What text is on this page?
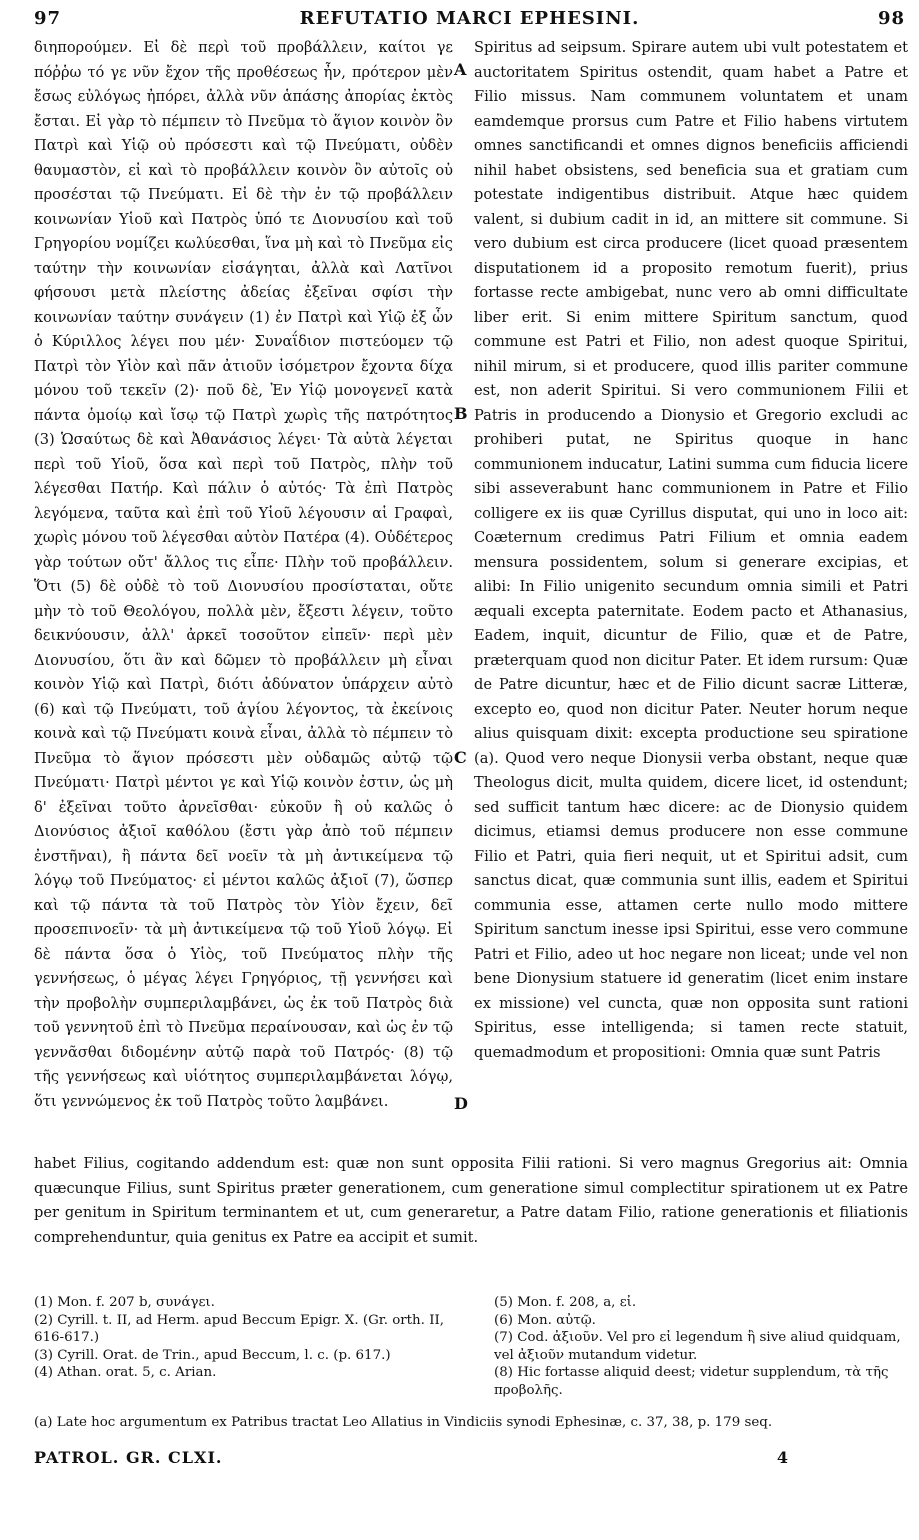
97	REFUTATIO MARCI EPHESINI.	98

διηπορούμεν. Εἰ δὲ περὶ τοῦ προβάλλειν, καίτοι γε πόῤῥω τό γε νῦν ἔχον τῆς προθέσεως ἦν, πρότερον μὲν ἔσως εὐλόγως ἠπόρει, ἀλλὰ νῦν ἁπάσης ἀπορίας ἐκτὸς ἔσται. Εἰ γὰρ τὸ πέμπειν τὸ Πνεῦμα τὸ ἅγιον κοινὸν ὂν Πατρὶ καὶ Υἱῷ οὐ πρόσεστι καὶ τῷ Πνεύματι, οὐδὲν θαυμαστὸν, εἰ καὶ τὸ προβάλλειν κοινὸν ὂν αὐτοῖς οὐ προσέσται τῷ Πνεύματι. Εἰ δὲ τὴν ἐν τῷ προβάλλειν κοινωνίαν Υἱοῦ καὶ Πατρὸς ὑπό τε Διονυσίου καὶ τοῦ Γρηγορίου νομίζει κωλύεσθαι, ἵνα μὴ καὶ τὸ Πνεῦμα εἰς ταύτην τὴν κοινωνίαν εἰσάγηται, ἀλλὰ καὶ Λατῖνοι φήσουσι μετὰ πλείστης ἀδείας ἐξεῖναι σφίσι τὴν κοινωνίαν ταύτην συνάγειν (1) ἐν Πατρὶ καὶ Υἱῷ ἐξ ὧν ὁ Κύριλλος λέγει που μέν· Συναΐδιον πιστεύομεν τῷ Πατρὶ τὸν Υἱὸν καὶ πᾶν ἀτιοῦν ἰσόμετρον ἔχοντα δίχα μόνου τοῦ τεκεῖν (2)· ποῦ δὲ, Ἐν Υἱῷ μονογενεῖ κατὰ πάντα ὁμοίῳ καὶ ἴσῳ τῷ Πατρὶ χωρὶς τῆς πατρότητος (3) Ὡσαύτως δὲ καὶ Ἀθανάσιος λέγει· Τὰ αὐτὰ λέγεται περὶ τοῦ Υἱοῦ, ὅσα καὶ περὶ τοῦ Πατρὸς, πλὴν τοῦ λέγεσθαι Πατήρ. Καὶ πάλιν ὁ αὐτός· Τὰ ἐπὶ Πατρὸς λεγόμενα, ταῦτα καὶ ἐπὶ τοῦ Υἱοῦ λέγουσιν αἱ Γραφαὶ, χωρὶς μόνου τοῦ λέγεσθαι αὐτὸν Πατέρα (4). Οὐδέτερος γὰρ τούτων οὔτ' ἄλλος τις εἶπε· Πλὴν τοῦ προβάλλειν. Ὅτι (5) δὲ οὐδὲ τὸ τοῦ Διονυσίου προσίσταται, οὔτε μὴν τὸ τοῦ Θεολόγου, πολλὰ μὲν, ἔξεστι λέγειν, τοῦτο δεικνύουσιν, ἀλλ' ἀρκεῖ τοσοῦτον εἰπεῖν· περὶ μὲν Διονυσίου, ὅτι ἂν καὶ δῶμεν τὸ προβάλλειν μὴ εἶναι κοινὸν Υἱῷ καὶ Πατρὶ, διότι ἀδύνατον ὑπάρχειν αὐτὸ (6) καὶ τῷ Πνεύματι, τοῦ ἁγίου λέγοντος, τὰ ἐκείνοις κοινὰ καὶ τῷ Πνεύματι κοινὰ εἶναι, ἀλλὰ τὸ πέμπειν τὸ Πνεῦμα τὸ ἅγιον πρόσεστι μὲν οὐδαμῶς αὐτῷ τῷ Πνεύματι· Πατρὶ μέντοι γε καὶ Υἱῷ κοινὸν ἐστιν, ὡς μὴ δ' ἐξεῖναι τοῦτο ἀρνεῖσθαι· εὐκοῦν ἢ οὐ καλῶς ὁ Διονύσιος ἀξιοῖ καθόλου (ἔστι γὰρ ἀπὸ τοῦ πέμπειν ἐνστῆναι), ἢ πάντα δεῖ νοεῖν τὰ μὴ ἀντικείμενα τῷ λόγῳ τοῦ Πνεύματος· εἰ μέντοι καλῶς ἀξιοῖ (7), ὥσπερ καὶ τῷ πάντα τὰ τοῦ Πατρὸς τὸν Υἱὸν ἔχειν, δεῖ προσεπινοεῖν· τὰ μὴ ἀντικείμενα τῷ τοῦ Υἱοῦ λόγῳ. Εἰ δὲ πάντα ὅσα ὁ Υἱὸς, τοῦ Πνεύματος πλὴν τῆς γεννήσεως, ὁ μέγας λέγει Γρηγόριος, τῇ γεννήσει καὶ τὴν προβολὴν συμπεριλαμβάνει, ὡς ἐκ τοῦ Πατρὸς διὰ τοῦ γεννητοῦ ἐπὶ τὸ Πνεῦμα περαίνουσαν, καὶ ὡς ἐν τῷ γεννᾶσθαι διδομένην αὐτῷ παρὰ τοῦ Πατρός· (8) τῷ τῆς γεννήσεως καὶ υἱότητος συμπεριλαμβάνεται λόγῳ, ὅτι γεννώμενος ἐκ τοῦ Πατρὸς τοῦτο λαμβάνει.

A
B
C
D

Spiritus ad seipsum. Spirare autem ubi vult potestatem et auctoritatem Spiritus ostendit, quam habet a Patre et Filio missus. Nam communem voluntatem et unam eamdemque prorsus cum Patre et Filio habens virtutem omnes sanctificandi et omnes dignos beneficiis afficiendi nihil habet obsistens, sed beneficia sua et gratiam cum potestate indigentibus distribuit. Atque hæc quidem valent, si dubium cadit in id, an mittere sit commune. Si vero dubium est circa producere (licet quoad præsentem disputationem id a proposito remotum fuerit), prius fortasse recte ambigebat, nunc vero ab omni difficultate liber erit. Si enim mittere Spiritum sanctum, quod commune est Patri et Filio, non adest quoque Spiritui, nihil mirum, si et producere, quod illis pariter commune est, non aderit Spiritui. Si vero communionem Filii et Patris in producendo a Dionysio et Gregorio excludi ac prohiberi putat, ne Spiritus quoque in hanc communionem inducatur, Latini summa cum fiducia licere sibi asseverabunt hanc communionem in Patre et Filio colligere ex iis quæ Cyrillus disputat, qui uno in loco ait: Coæternum credimus Patri Filium et omnia eadem mensura possidentem, solum si generare excipias, et alibi: In Filio unigenito secundum omnia simili et Patri æquali excepta paternitate. Eodem pacto et Athanasius, Eadem, inquit, dicuntur de Filio, quæ et de Patre, præterquam quod non dicitur Pater. Et idem rursum: Quæ de Patre dicuntur, hæc et de Filio dicunt sacræ Litteræ, excepto eo, quod non dicitur Pater. Neuter horum neque alius quisquam dixit: excepta productione seu spiratione (a). Quod vero neque Dionysii verba obstant, neque quæ Theologus dicit, multa quidem, dicere licet, id ostendunt; sed sufficit tantum hæc dicere: ac de Dionysio quidem dicimus, etiamsi demus producere non esse commune Filio et Patri, quia fieri nequit, ut et Spiritui adsit, cum sanctus dicat, quæ communia sunt illis, eadem et Spiritui communia esse, attamen certe nullo modo mittere Spiritum sanctum inesse ipsi Spiritui, esse vero commune Patri et Filio, adeo ut hoc negare non liceat; unde vel non bene Dionysium statuere id generatim (licet enim instare ex missione) vel cuncta, quæ non opposita sunt rationi Spiritus, esse intelligenda; si tamen recte statuit, quemadmodum et propositioni: Omnia quæ sunt Patris

habet Filius, cogitando addendum est: quæ non sunt opposita Filii rationi. Si vero magnus Gregorius ait: Omnia quæcunque Filius, sunt Spiritus præter generationem, cum generatione simul complectitur spirationem ut ex Patre per genitum in Spiritum terminantem et ut, cum generaretur, a Patre datam Filio, ratione generationis et filiationis comprehenduntur, quia genitus ex Patre ea accipit et sumit.

(1) Mon. f. 207 b, συνάγει.
(2) Cyrill. t. II, ad Herm. apud Beccum Epigr. X. (Gr. orth. II, 616-617.)
(3) Cyrill. Orat. de Trin., apud Beccum, l. c. (p. 617.)
(4) Athan. orat. 5, c. Arian.
(5) Mon. f. 208, a, εἰ.
(6) Mon. αὐτῷ.
(7) Cod. ἀξιοῦν. Vel pro εἰ legendum ἢ sive aliud quidquam, vel ἀξιοῦν mutandum videtur.
(8) Hic fortasse aliquid deest; videtur supplendum, τὰ τῆς προβολῆς.
(a) Late hoc argumentum ex Patribus tractat Leo Allatius in Vindiciis synodi Ephesinæ, c. 37, 38, p. 179 seq.
PATROL. GR. CLXI.	4
